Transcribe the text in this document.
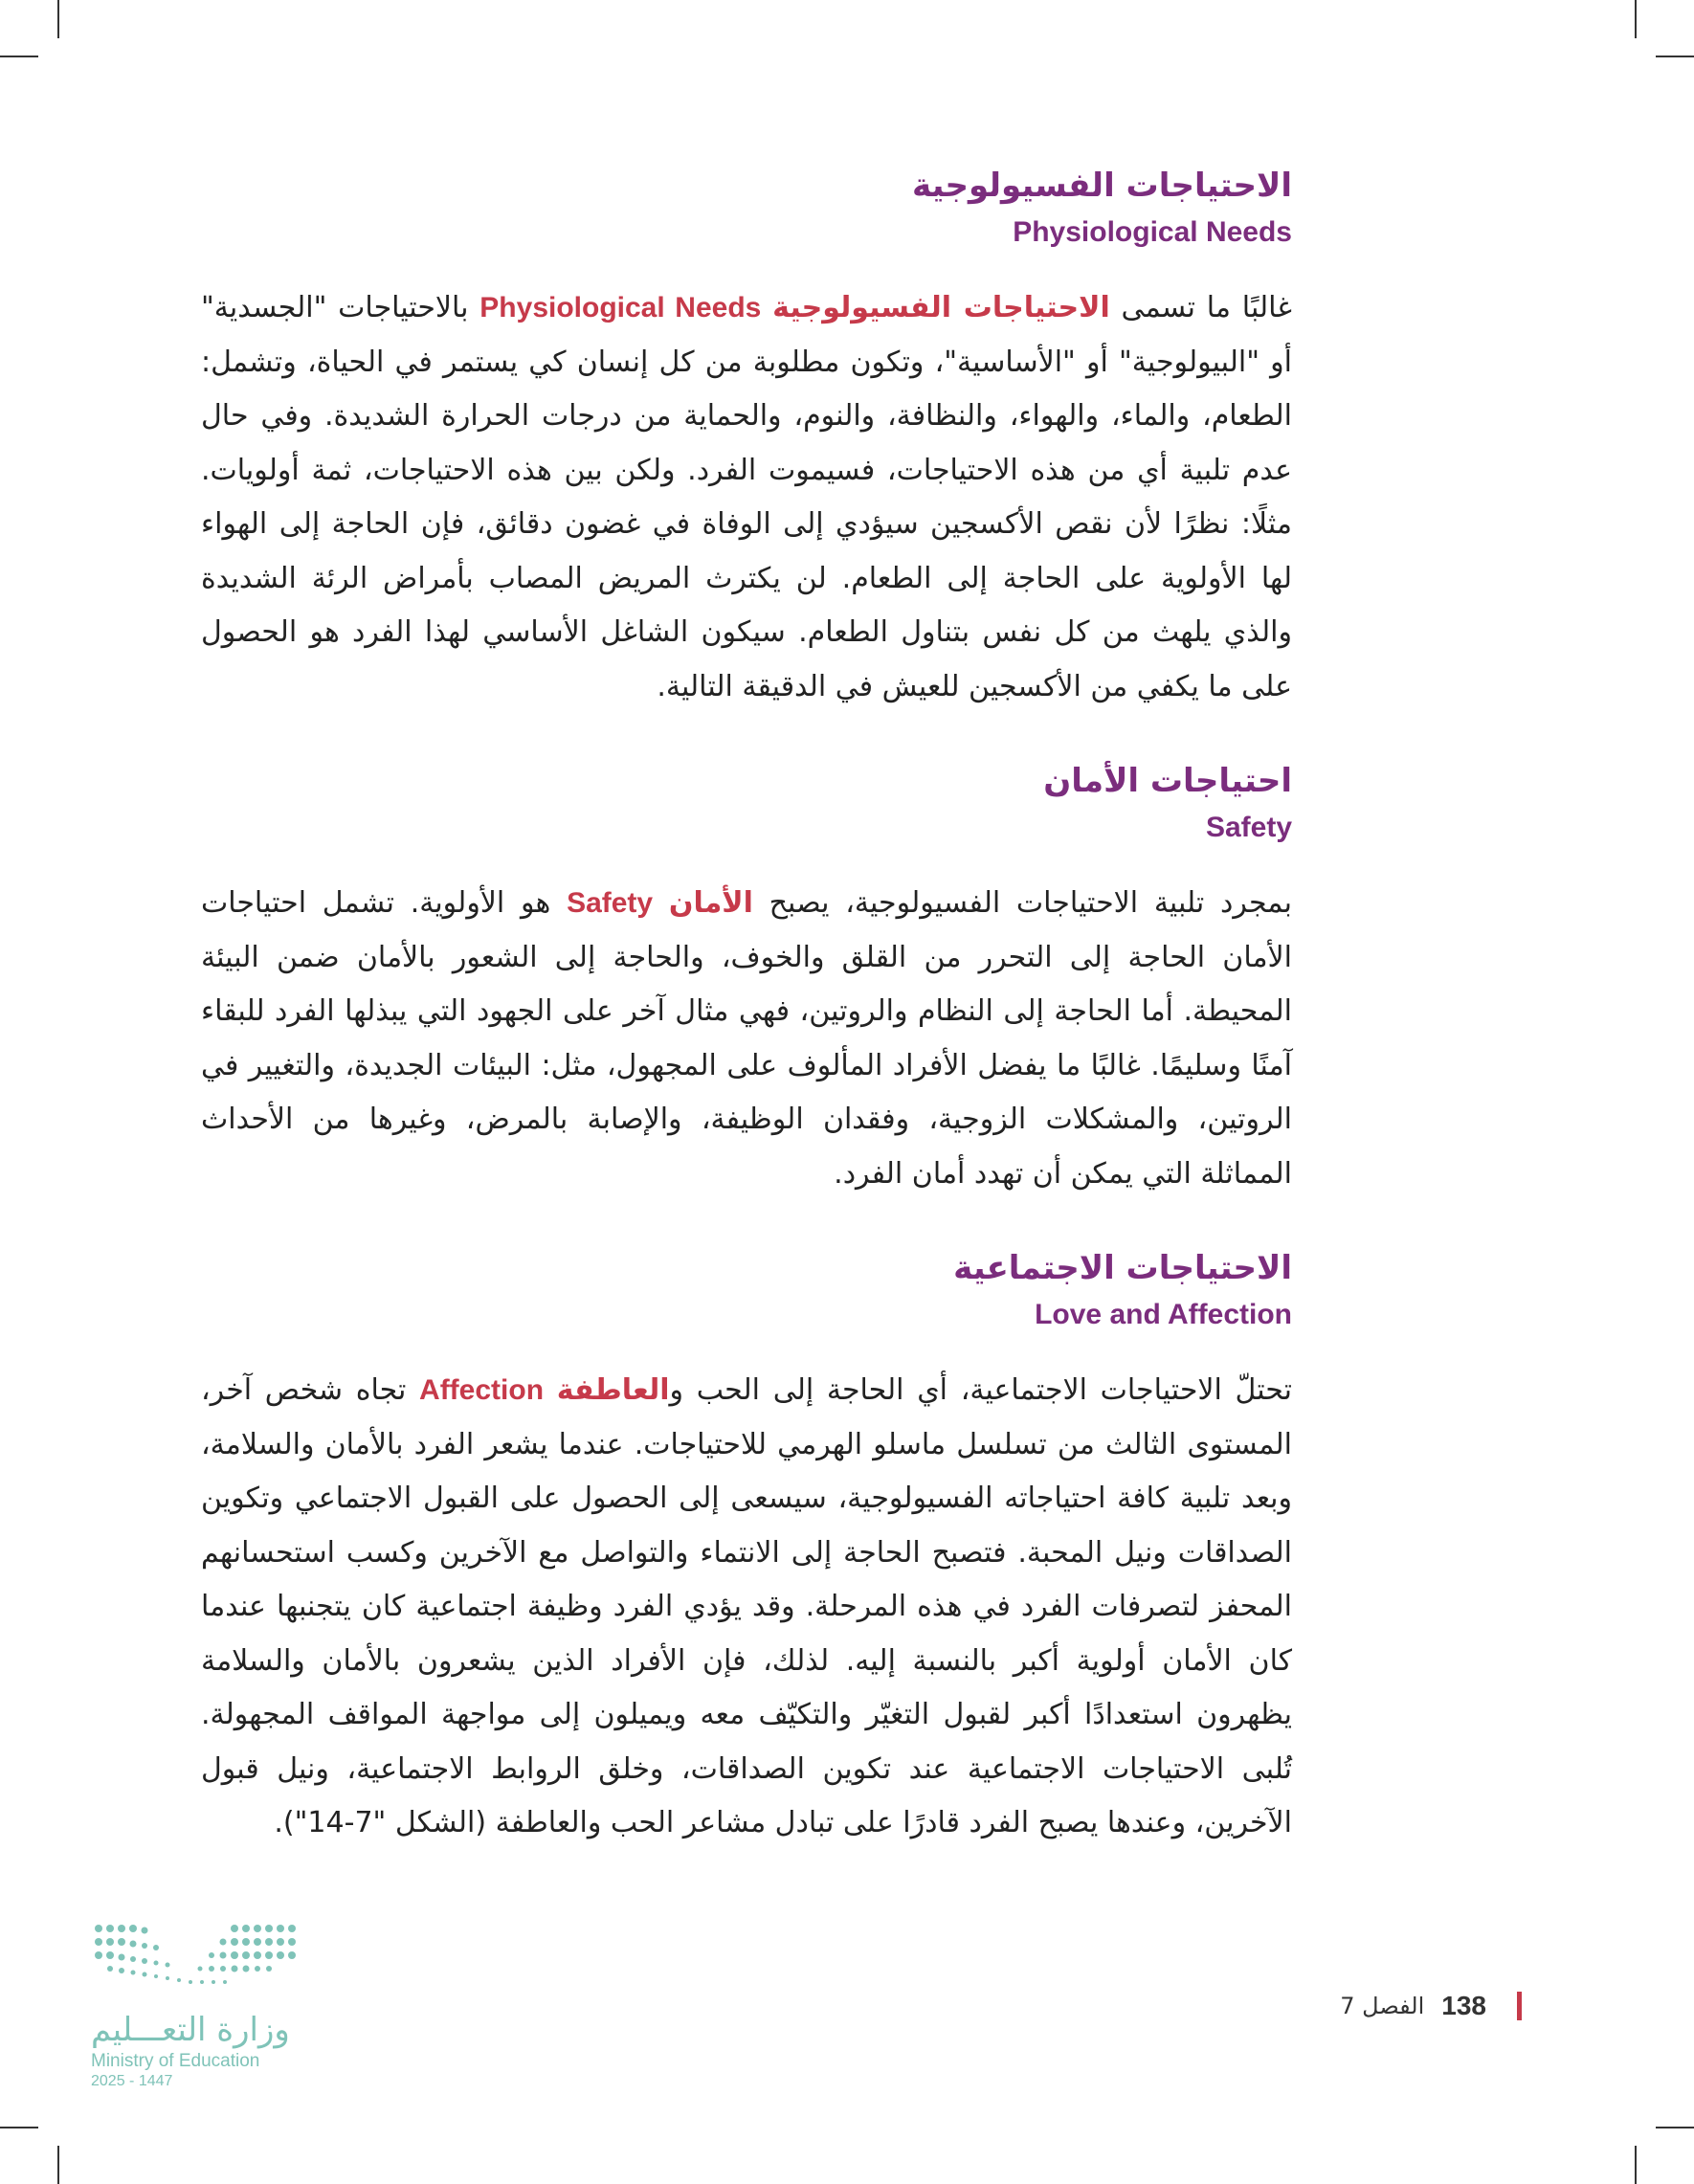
الاحتياجات الفسيولوجية
Physiological Needs

غالبًا ما تسمى الاحتياجات الفسيولوجية Physiological Needs بالاحتياجات "الجسدية" أو "البيولوجية" أو "الأساسية"، وتكون مطلوبة من كل إنسان كي يستمر في الحياة، وتشمل: الطعام، والماء، والهواء، والنظافة، والنوم، والحماية من درجات الحرارة الشديدة. وفي حال عدم تلبية أي من هذه الاحتياجات، فسيموت الفرد. ولكن بين هذه الاحتياجات، ثمة أولويات. مثلًا: نظرًا لأن نقص الأكسجين سيؤدي إلى الوفاة في غضون دقائق، فإن الحاجة إلى الهواء لها الأولوية على الحاجة إلى الطعام. لن يكترث المريض المصاب بأمراض الرئة الشديدة والذي يلهث من كل نفس بتناول الطعام. سيكون الشاغل الأساسي لهذا الفرد هو الحصول على ما يكفي من الأكسجين للعيش في الدقيقة التالية.

احتياجات الأمان
Safety

بمجرد تلبية الاحتياجات الفسيولوجية، يصبح الأمان Safety هو الأولوية. تشمل احتياجات الأمان الحاجة إلى التحرر من القلق والخوف، والحاجة إلى الشعور بالأمان ضمن البيئة المحيطة. أما الحاجة إلى النظام والروتين، فهي مثال آخر على الجهود التي يبذلها الفرد للبقاء آمنًا وسليمًا. غالبًا ما يفضل الأفراد المألوف على المجهول، مثل: البيئات الجديدة، والتغيير في الروتين، والمشكلات الزوجية، وفقدان الوظيفة، والإصابة بالمرض، وغيرها من الأحداث المماثلة التي يمكن أن تهدد أمان الفرد.

الاحتياجات الاجتماعية
Love and Affection

تحتلّ الاحتياجات الاجتماعية، أي الحاجة إلى الحب والعاطفة Affection تجاه شخص آخر، المستوى الثالث من تسلسل ماسلو الهرمي للاحتياجات. عندما يشعر الفرد بالأمان والسلامة، وبعد تلبية كافة احتياجاته الفسيولوجية، سيسعى إلى الحصول على القبول الاجتماعي وتكوين الصداقات ونيل المحبة. فتصبح الحاجة إلى الانتماء والتواصل مع الآخرين وكسب استحسانهم المحفز لتصرفات الفرد في هذه المرحلة. وقد يؤدي الفرد وظيفة اجتماعية كان يتجنبها عندما كان الأمان أولوية أكبر بالنسبة إليه. لذلك، فإن الأفراد الذين يشعرون بالأمان والسلامة يظهرون استعدادًا أكبر لقبول التغيّر والتكيّف معه ويميلون إلى مواجهة المواقف المجهولة. تُلبى الاحتياجات الاجتماعية عند تكوين الصداقات، وخلق الروابط الاجتماعية، ونيل قبول الآخرين، وعندها يصبح الفرد قادرًا على تبادل مشاعر الحب والعاطفة (الشكل "7-14").

وزارة التعـــليم
Ministry of Education
2025 - 1447
الفصل 7 138
